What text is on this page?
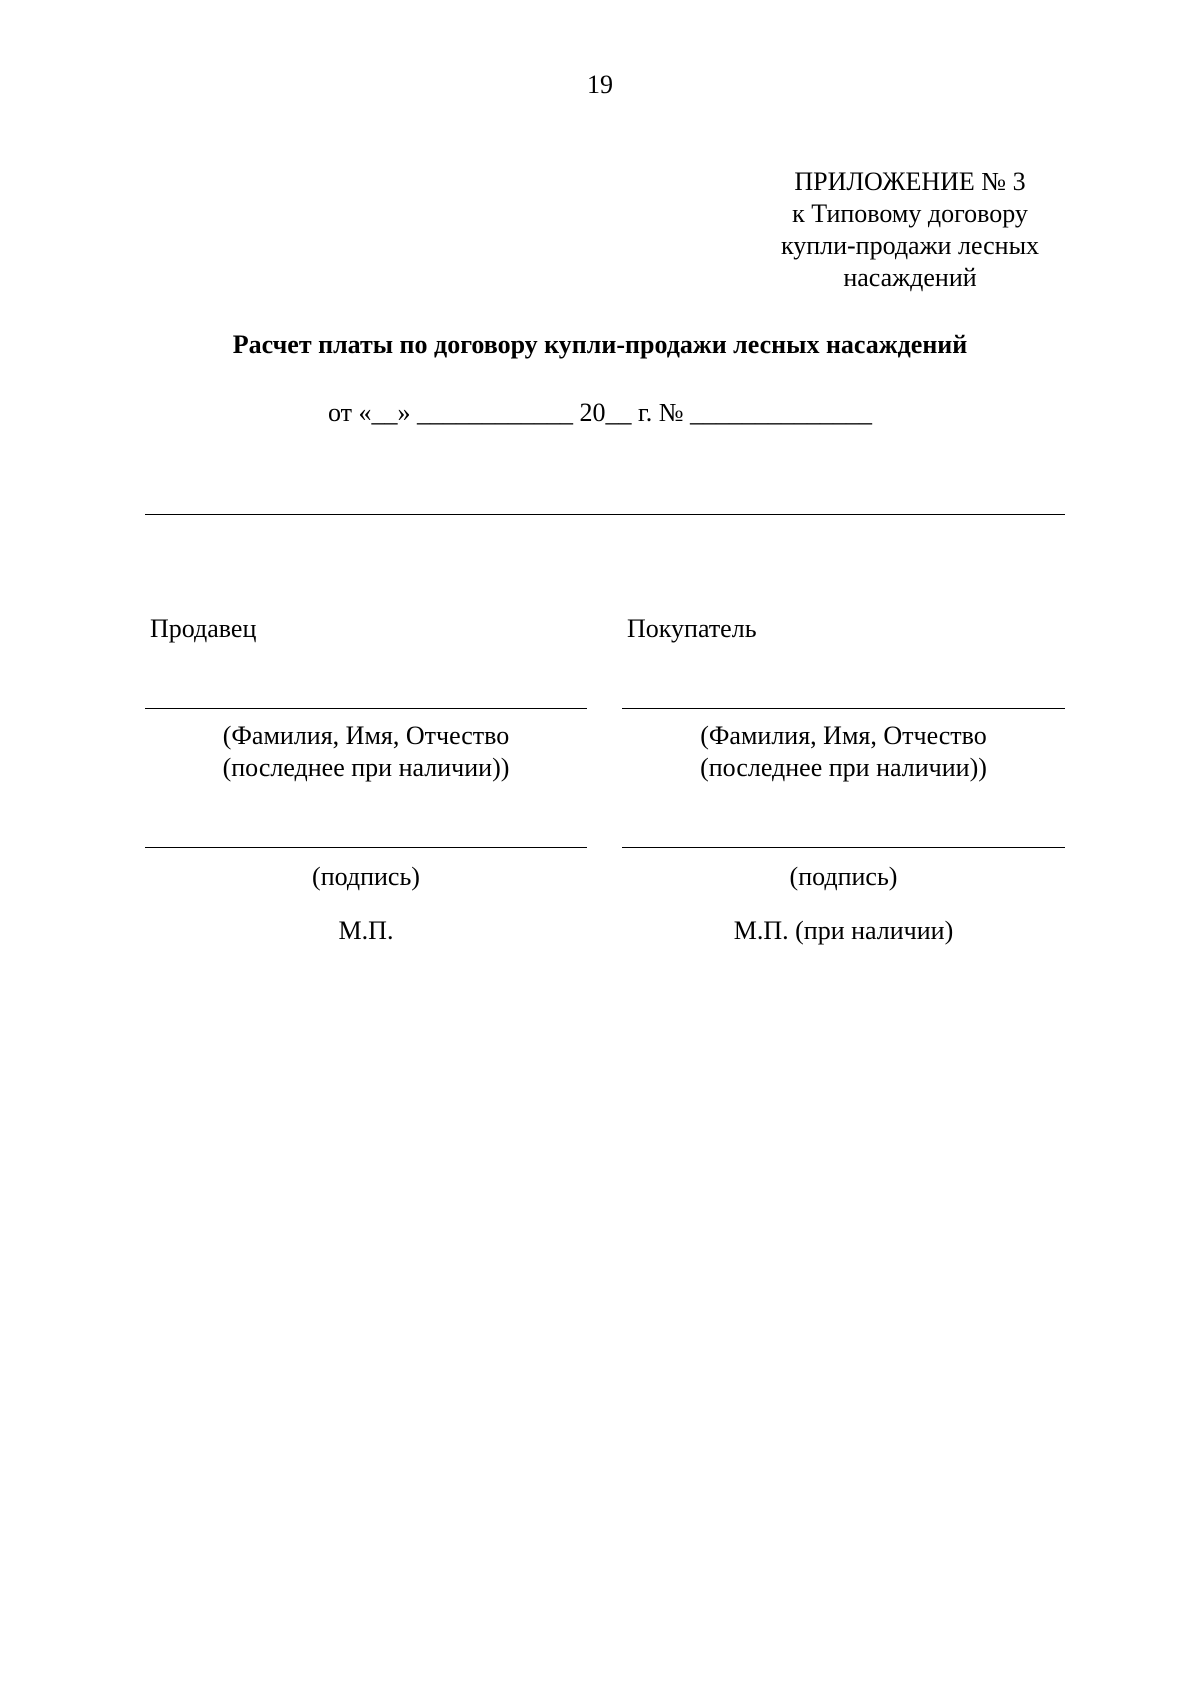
19
ПРИЛОЖЕНИЕ № 3
к Типовому договору
купли-продажи лесных
насаждений
Расчет платы по договору купли-продажи лесных насаждений
от «__» ____________ 20__ г. № ______________
Продавец
(Фамилия, Имя, Отчество
(последнее при наличии))
(подпись)
М.П.
Покупатель
(Фамилия, Имя, Отчество
(последнее при наличии))
(подпись)
М.П. (при наличии)
